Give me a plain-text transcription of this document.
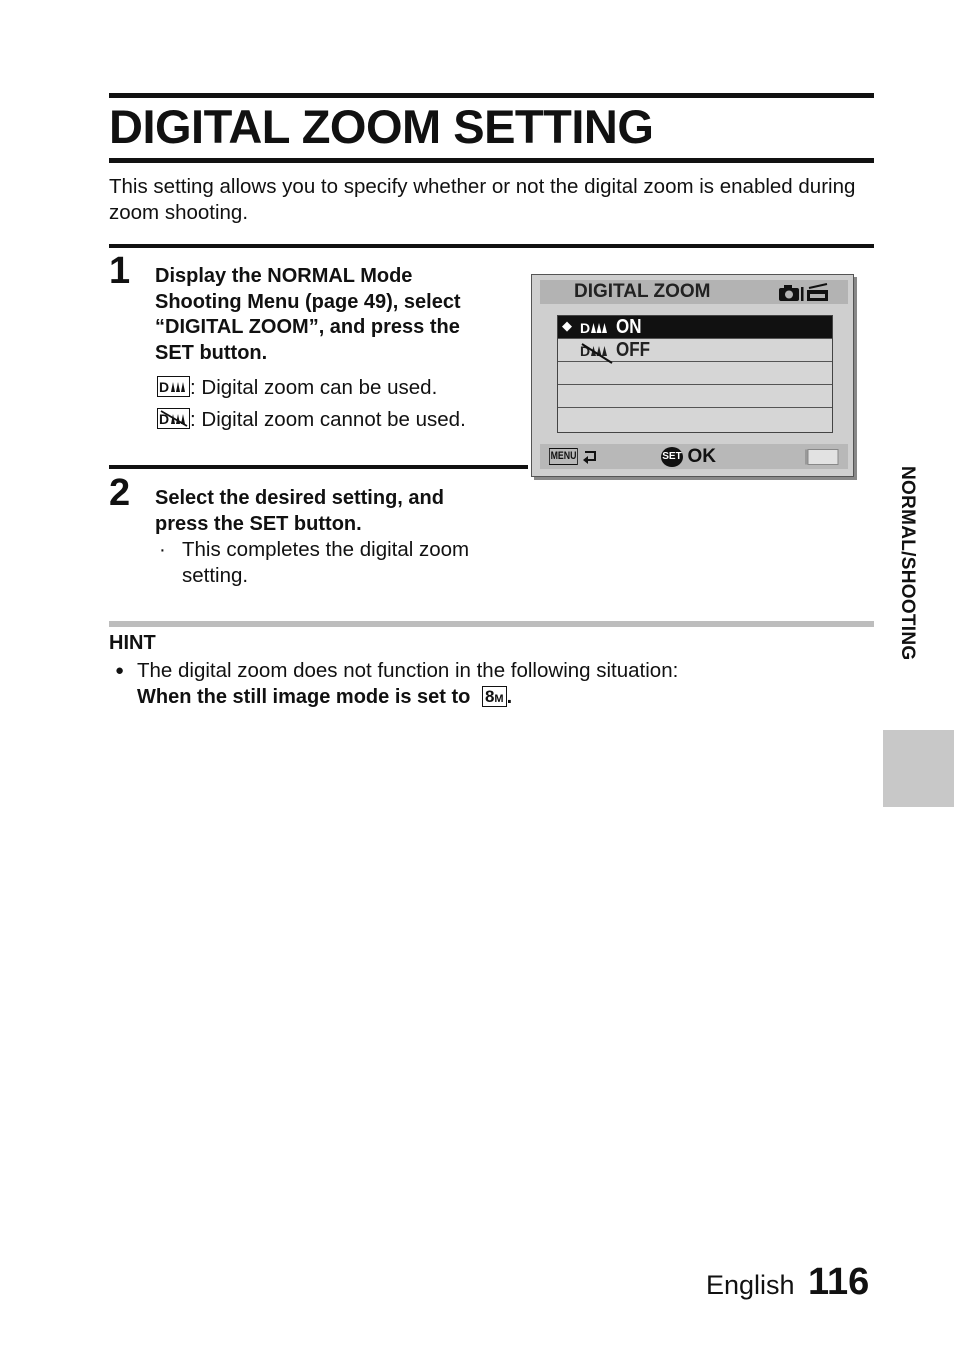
DIGITAL ZOOM SETTING
This setting allows you to specify whether or not the digital zoom is enabled during zoom shooting.
1 Display the NORMAL Mode
Shooting Menu (page 49), select
“DIGITAL ZOOM”, and press the
SET button.
D : Digital zoom can be used.
D : Digital zoom cannot be used.
2 Select the desired setting, and
press the SET button.
· This completes the digital zoom
setting.
DIGITAL ZOOM
◆ D ON
D OFF
MENU	SET OK
HINT
● The digital zoom does not function in the following situation:
When the still image mode is set to 8M .
NORMAL/SHOOTING
English 116
